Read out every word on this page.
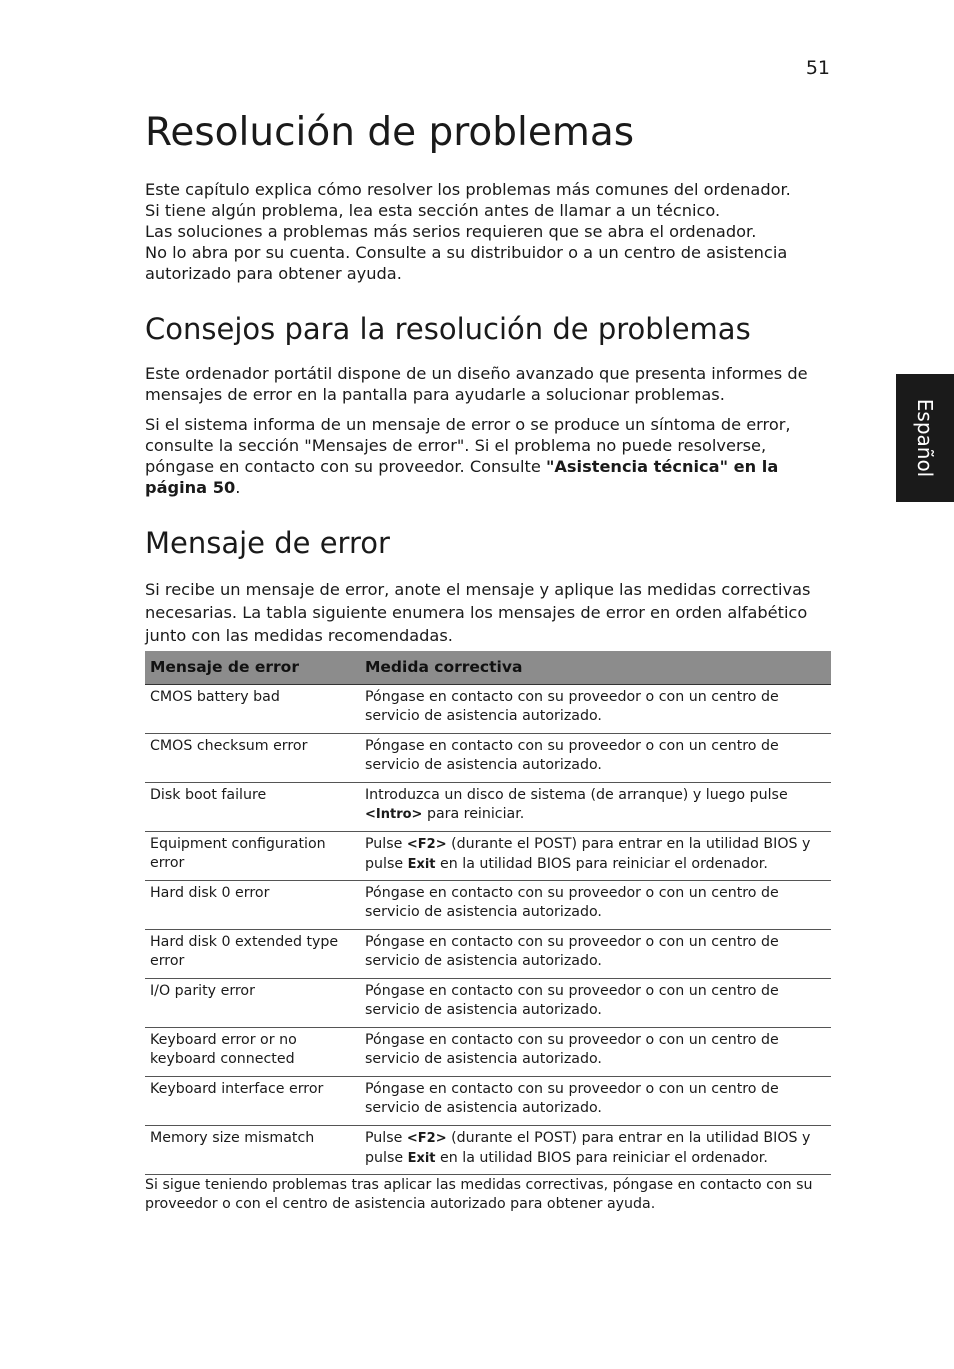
51
Español
Resolución de problemas

Este capítulo explica cómo resolver los problemas más comunes del ordenador.

Si tiene algún problema, lea esta sección antes de llamar a un técnico.

Las soluciones a problemas más serios requieren que se abra el ordenador.

No lo abra por su cuenta. Consulte a su distribuidor o a un centro de asistencia autorizado para obtener ayuda.

Consejos para la resolución de problemas

Este ordenador portátil dispone de un diseño avanzado que presenta informes de mensajes de error en la pantalla para ayudarle a solucionar problemas.

Si el sistema informa de un mensaje de error o se produce un síntoma de error, consulte la sección "Mensajes de error". Si el problema no puede resolverse, póngase en contacto con su proveedor. Consulte "Asistencia técnica" en la página 50.

Mensaje de error

Si recibe un mensaje de error, anote el mensaje y aplique las medidas correctivas necesarias. La tabla siguiente enumera los mensajes de error en orden alfabético junto con las medidas recomendadas.

Mensaje de error	Medida correctiva
CMOS battery bad	Póngase en contacto con su proveedor o con un centro de servicio de asistencia autorizado.
CMOS checksum error	Póngase en contacto con su proveedor o con un centro de servicio de asistencia autorizado.
Disk boot failure	Introduzca un disco de sistema (de arranque) y luego pulse <Intro> para reiniciar.
Equipment configuration error	Pulse <F2> (durante el POST) para entrar en la utilidad BIOS y pulse Exit en la utilidad BIOS para reiniciar el ordenador.
Hard disk 0 error	Póngase en contacto con su proveedor o con un centro de servicio de asistencia autorizado.
Hard disk 0 extended type error	Póngase en contacto con su proveedor o con un centro de servicio de asistencia autorizado.
I/O parity error	Póngase en contacto con su proveedor o con un centro de servicio de asistencia autorizado.
Keyboard error or no keyboard connected	Póngase en contacto con su proveedor o con un centro de servicio de asistencia autorizado.
Keyboard interface error	Póngase en contacto con su proveedor o con un centro de servicio de asistencia autorizado.
Memory size mismatch	Pulse <F2> (durante el POST) para entrar en la utilidad BIOS y pulse Exit en la utilidad BIOS para reiniciar el ordenador.

Si sigue teniendo problemas tras aplicar las medidas correctivas, póngase en contacto con su proveedor o con el centro de asistencia autorizado para obtener ayuda.
